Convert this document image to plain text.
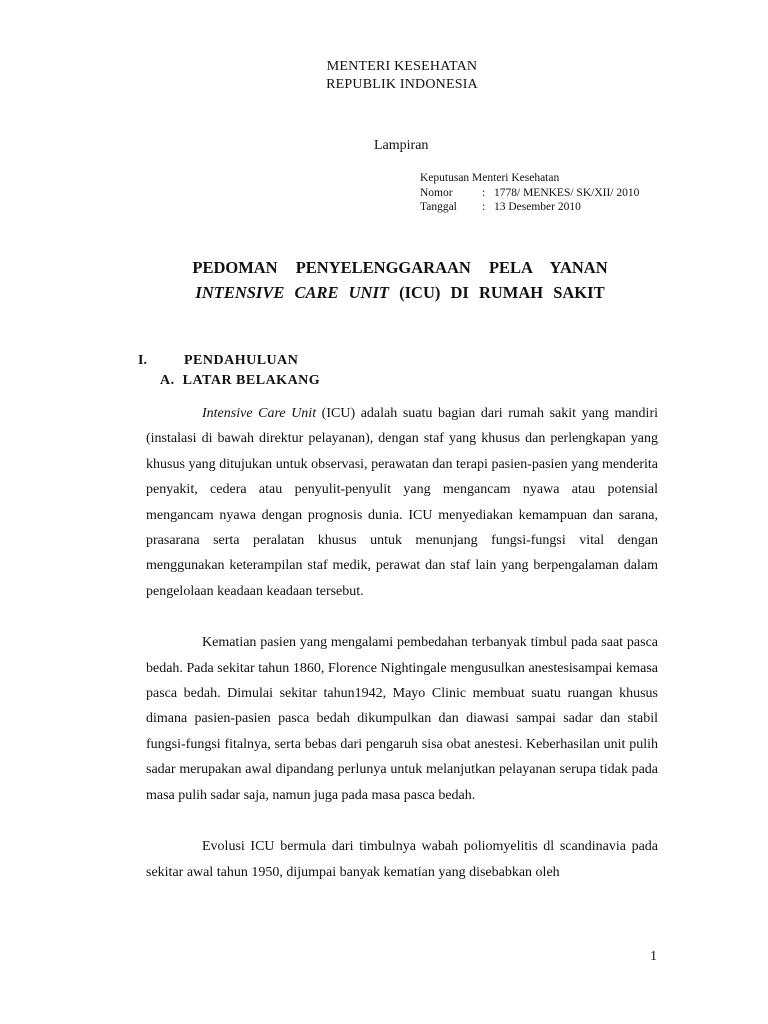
MENTERI KESEHATAN
REPUBLIK INDONESIA
Lampiran
Keputusan Menteri Kesehatan
Nomor	:	1778/ MENKES/ SK/XII/ 2010
Tanggal	:	13 Desember 2010
PEDOMAN PENYELENGGARAAN PELA YANAN
INTENSIVE CARE UNIT (ICU) DI RUMAH SAKIT
I.	PENDAHULUAN
A. LATAR BELAKANG

Intensive Care Unit (ICU) adalah suatu bagian dari rumah sakit yang mandiri (instalasi di bawah direktur pelayanan), dengan staf yang khusus dan perlengkapan yang khusus yang ditujukan untuk observasi, perawatan dan terapi pasien-pasien yang menderita penyakit, cedera atau penyulit-penyulit yang mengancam nyawa atau potensial mengancam nyawa dengan prognosis dunia. ICU menyediakan kemampuan dan sarana, prasarana serta peralatan khusus untuk menunjang fungsi-fungsi vital dengan menggunakan keterampilan staf medik, perawat dan staf lain yang berpengalaman dalam pengelolaan keadaan keadaan tersebut.

Kematian pasien yang mengalami pembedahan terbanyak timbul pada saat pasca bedah. Pada sekitar tahun 1860, Florence Nightingale mengusulkan anestesisampai kemasa pasca bedah. Dimulai sekitar tahun1942, Mayo Clinic membuat suatu ruangan khusus dimana pasien-pasien pasca bedah dikumpulkan dan diawasi sampai sadar dan stabil fungsi-fungsi fitalnya, serta bebas dari pengaruh sisa obat anestesi. Keberhasilan unit pulih sadar merupakan awal dipandang perlunya untuk melanjutkan pelayanan serupa tidak pada masa pulih sadar saja, namun juga pada masa pasca bedah.

Evolusi ICU bermula dari timbulnya wabah poliomyelitis dl scandinavia pada sekitar awal tahun 1950, dijumpai banyak kematian yang disebabkan oleh

1
